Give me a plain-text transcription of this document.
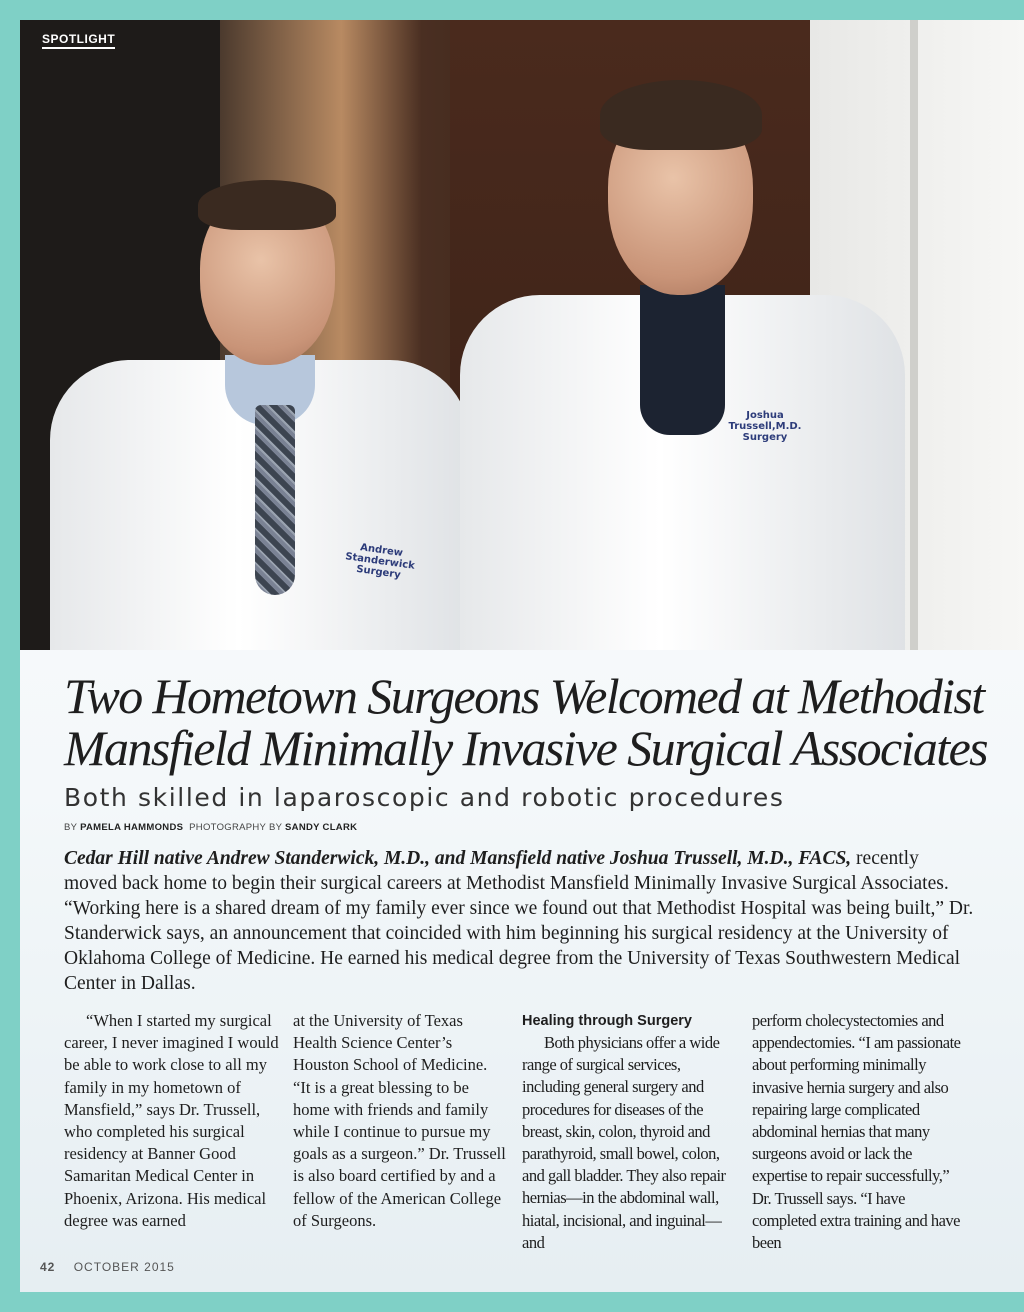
Andrew Standerwick
Surgery
Joshua Trussell,M.D.
Surgery
SPOTLIGHT
Two Hometown Surgeons Welcomed at Methodist
Mansfield Minimally Invasive Surgical Associates
Both skilled in laparoscopic and robotic procedures
BY PAMELA HAMMONDS PHOTOGRAPHY BY SANDY CLARK
Cedar Hill native Andrew Standerwick, M.D., and Mansfield native Joshua Trussell, M.D., FACS, recently moved back home to begin their surgical careers at Methodist Mansfield Minimally Invasive Surgical Associates. “Working here is a shared dream of my family ever since we found out that Methodist Hospital was being built,” Dr. Standerwick says, an announcement that coincided with him beginning his surgical residency at the University of Oklahoma College of Medicine. He earned his medical degree from the University of Texas Southwestern Medical Center in Dallas.

“When I started my surgical career, I never imagined I would be able to work close to all my family in my hometown of Mansfield,” says Dr. Trussell, who completed his surgical residency at Banner Good Samaritan Medical Center in Phoenix, Arizona. His medical degree was earned

at the University of Texas Health Science Center’s Houston School of Medicine. “It is a great blessing to be home with friends and family while I continue to pursue my goals as a surgeon.” Dr. Trussell is also board certified by and a fellow of the American College of Surgeons.

Healing through Surgery

Both physicians offer a wide range of surgical services, including general surgery and procedures for diseases of the breast, skin, colon, thyroid and parathyroid, small bowel, colon, and gall bladder. They also repair hernias—in the abdominal wall, hiatal, incisional, and inguinal—and

perform cholecystectomies and appendectomies. “I am passionate about performing minimally invasive hernia surgery and also repairing large complicated abdominal hernias that many surgeons avoid or lack the expertise to repair successfully,” Dr. Trussell says. “I have completed extra training and have been

42 OCTOBER 2015
